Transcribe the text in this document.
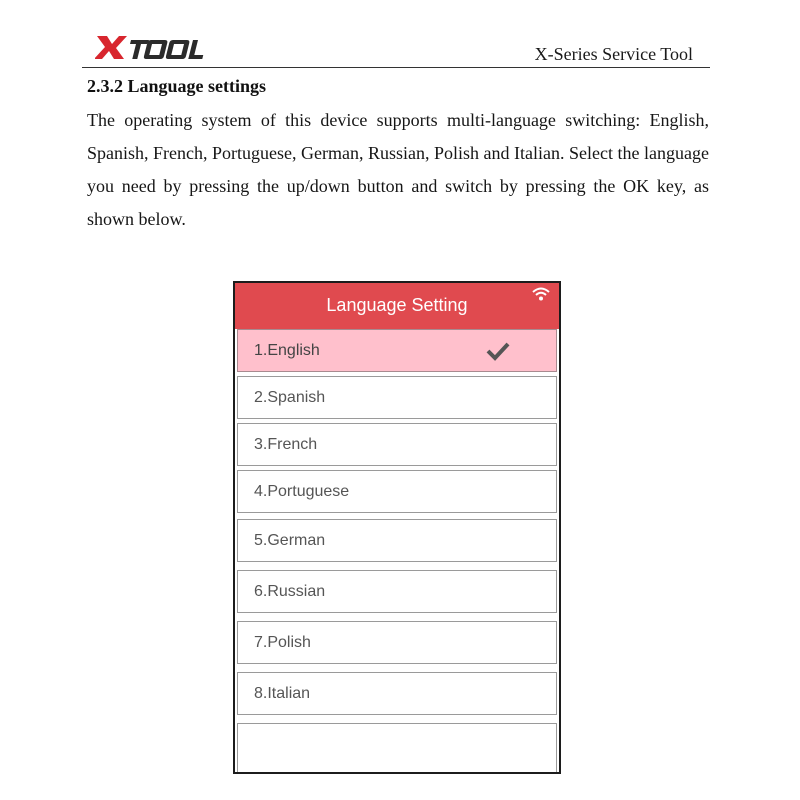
X-Series Service Tool
2.3.2 Language settings
The operating system of this device supports multi-language switching: English, Spanish, French, Portuguese, German, Russian, Polish and Italian. Select the language you need by pressing the up/down button and switch by pressing the OK key, as shown below.
Language Setting
1.English
2.Spanish
3.French
4.Portuguese
5.German
6.Russian
7.Polish
8.Italian
